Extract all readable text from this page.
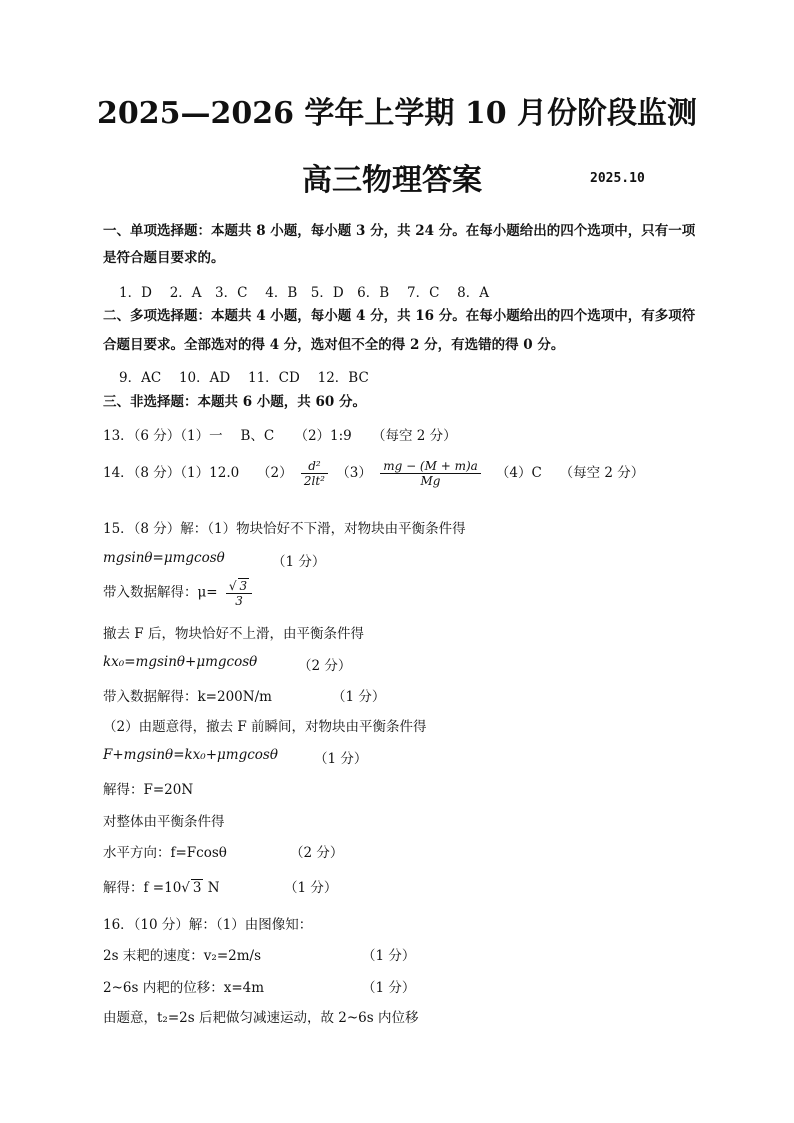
2025—2026 学年上学期 10 月份阶段监测
高三物理答案	2025.10
一、单项选择题：本题共 8 小题，每小题 3 分，共 24 分。在每小题给出的四个选项中，只有一项
是符合题目要求的。
1．D　 2．A　3．C　 4．B　5．D　6．B　 7．C　 8．A
二、多项选择题：本题共 4 小题，每小题 4 分，共 16 分。在每小题给出的四个选项中，有多项符
合题目要求。全部选对的得 4 分，选对但不全的得 2 分，有选错的得 0 分。
9．AC　 10．AD　 11．CD　 12．BC
三、非选择题：本题共 6 小题，共 60 分。
13．（6 分）（1）一　 B、C　　（2）1:9　　（每空 2 分）
14．（8 分）（1）12.0　 $(2) \frac{\text{d²}}{\text{2lt²}} (3) \frac{mg - (M + m)a}{Mg}$ 　（4）C　 （每空 2 分）
15．（8 分）解：（1）物块恰好不下滑，对物块由平衡条件得
mgsinθ=μmgcosθ	（1 分）
带入数据解得：$\mu= \frac{√ 3}{3}$
撤去 F 后，物块恰好不上滑，由平衡条件得
kx₀=mgsinθ+μmgcosθ	（2 分）
带入数据解得：k=200N/m	（1 分）
（2）由题意得，撤去 F 前瞬间，对物块由平衡条件得
F+mgsinθ=kx₀+μmgcosθ	（1 分）
解得：F=20N
对整体由平衡条件得
水平方向：f=Fcosθ	（2 分）
解得：f =10√ 3 N	（1 分）
16．（10 分）解：（1）由图像知：
2s 末耙的速度：v₂=2m/s	（1 分）
2~6s 内耙的位移：x=4m	（1 分）
由题意，t₂=2s 后耙做匀减速运动，故 2~6s 内位移
